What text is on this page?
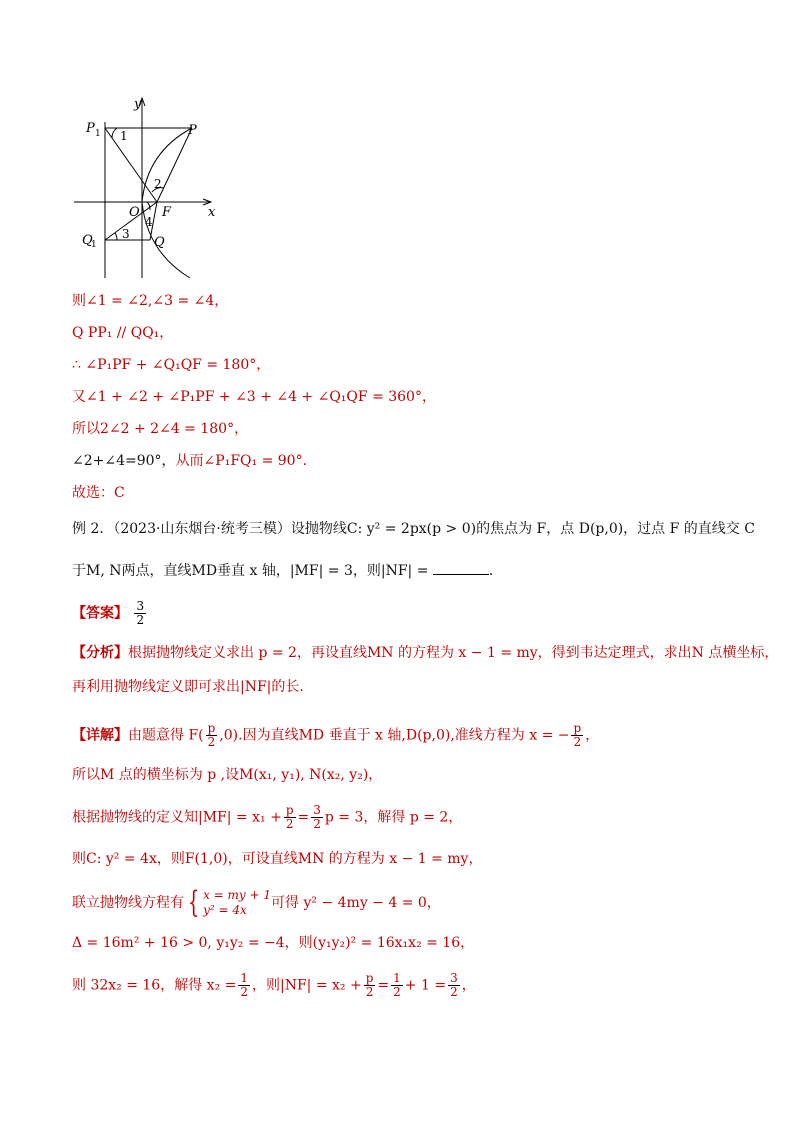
y
x
P 1	P
O F
Q
1	Q
1
2
3
4
则∠1 = ∠2,∠3 = ∠4，
Q PP₁ // QQ₁，
∴ ∠P₁PF + ∠Q₁QF = 180°，
又∠1 + ∠2 + ∠P₁PF + ∠3 + ∠4 + ∠Q₁QF = 360°，
所以2∠2 + 2∠4 = 180°，
∠2+∠4=90°，从而∠P₁FQ₁ = 90°．
故选：C
例 2．（2023·山东烟台·统考三模）设抛物线C: y² = 2px(p > 0)的焦点为 F，点 D(p,0)，过点 F 的直线交 C
于M, N两点，直线MD垂直 x 轴，|MF| = 3，则|NF| =	．
【答案】 $\frac{3}{2}$
【分析】根据抛物线定义求出 p = 2，再设直线MN 的方程为 x − 1 = my，得到韦达定理式，求出N 点横坐标，
再利用抛物线定义即可求出|NF|的长.
【详解】由题意得 $F( \frac{p}{2} ,0)$.因为直线MD 垂直于 x 轴,D(p,0),准线方程为 x = − $\frac{p}{2}$ ，
所以M 点的横坐标为 p ,设M(x₁, y₁), N(x₂, y₂)，
根据抛物线的定义知$|MF| = x_1 + \frac{p}{2} = \frac{3}{2}$ p = 3，解得 p = 2，
则C: y² = 4x，则F(1,0)，可设直线MN 的方程为 x − 1 = my，
联立抛物线方程有 { x = my + 1
y² = 4x	可得 y² − 4my − 4 = 0，
Δ = 16m² + 16 > 0, y₁y₂ = −4，则(y₁y₂)² = 16x₁x₂ = 16，
则 32x₂ = 16，解得 $x_2 = \frac{1}{2}$ ，则$|NF| = x_2 + \frac{p}{2} = \frac{1}{2} + 1 = \frac{3}{2}$ ，
